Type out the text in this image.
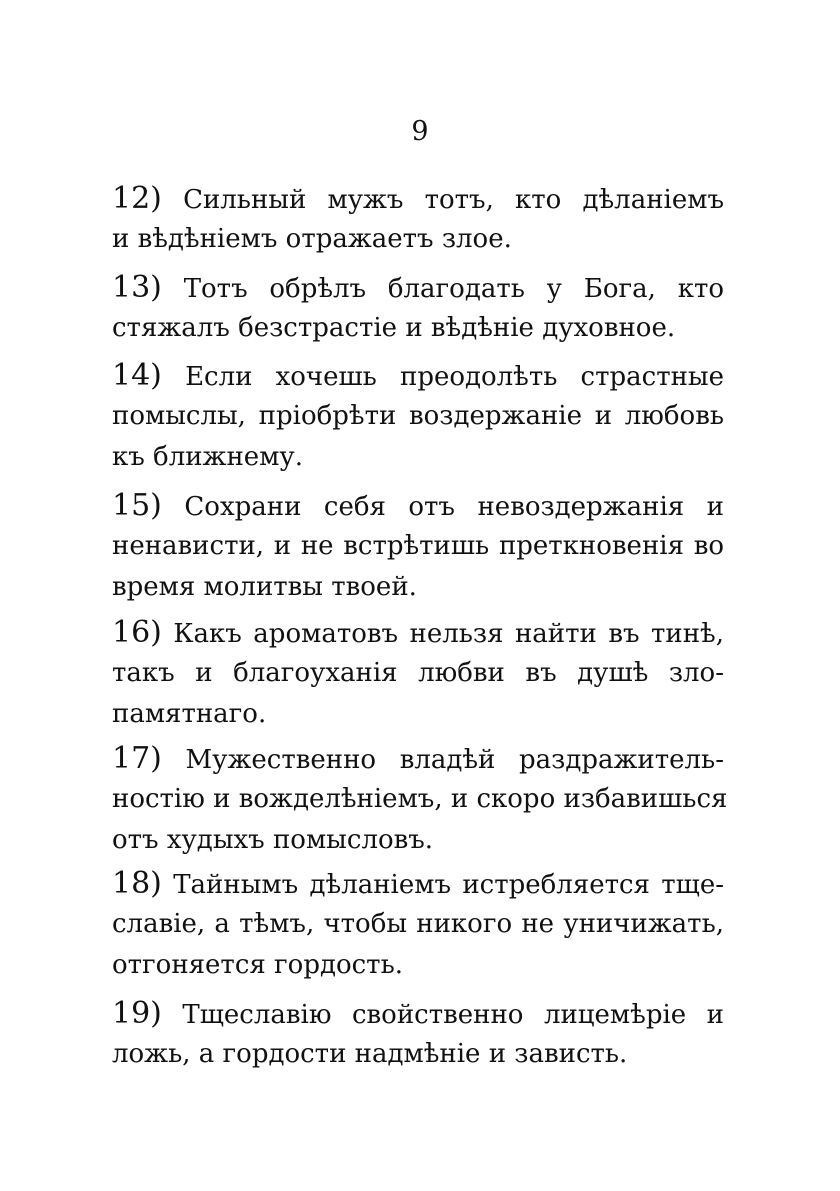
9
12) Сильный мужъ тотъ, кто дѣланіемъ
и вѣдѣніемъ отражаетъ злое.
13) Тотъ обрѣлъ благодать у Бога, кто
стяжалъ безстрастіе и вѣдѣніе духовное.
14) Если хочешь преодолѣть страстные
помыслы, пріобрѣти воздержаніе и любовь
къ ближнему.
15) Сохрани себя отъ невоздержанія и
ненависти, и не встрѣтишь преткновенія во
время молитвы твоей.
16) Какъ ароматовъ нельзя найти въ тинѣ,
такъ и благоуханія любви въ душѣ зло-
памятнаго.
17) Мужественно владѣй раздражитель-
ностію и вожделѣніемъ, и скоро избавишься
отъ худыхъ помысловъ.
18) Тайнымъ дѣланіемъ истребляется тще-
славіе, а тѣмъ, чтобы никого не уничижать,
отгоняется гордость.
19) Тщеславію свойственно лицемѣріе и
ложь, а гордости надмѣніе и зависть.
